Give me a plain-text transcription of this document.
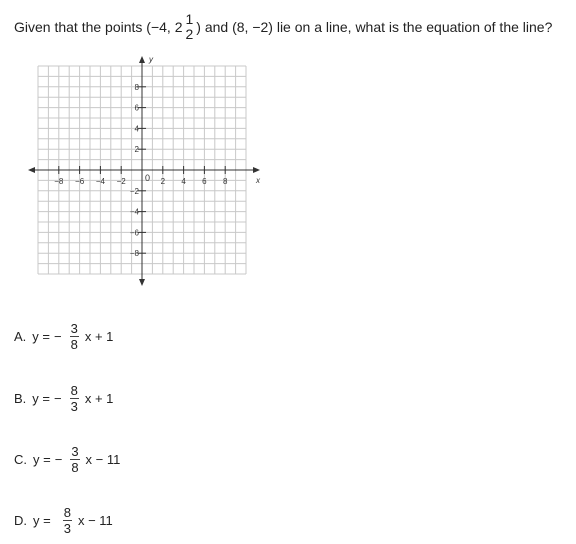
Given that the points (−4, 2 1
2 ) and (8, −2) lie on a line, what is the equation of the line?
−8 −6 −4 −2	2 4 6 8
8
6
4
2
−2
−4
−6
−8
x
y
0
A. y = − $\frac{3}{8}$ x + 1
B. y = − $\frac{8}{3}$ x + 1
C. y = − $\frac{3}{8}$ x − 11
D. $y = \frac{8}{3}$ x − 11
